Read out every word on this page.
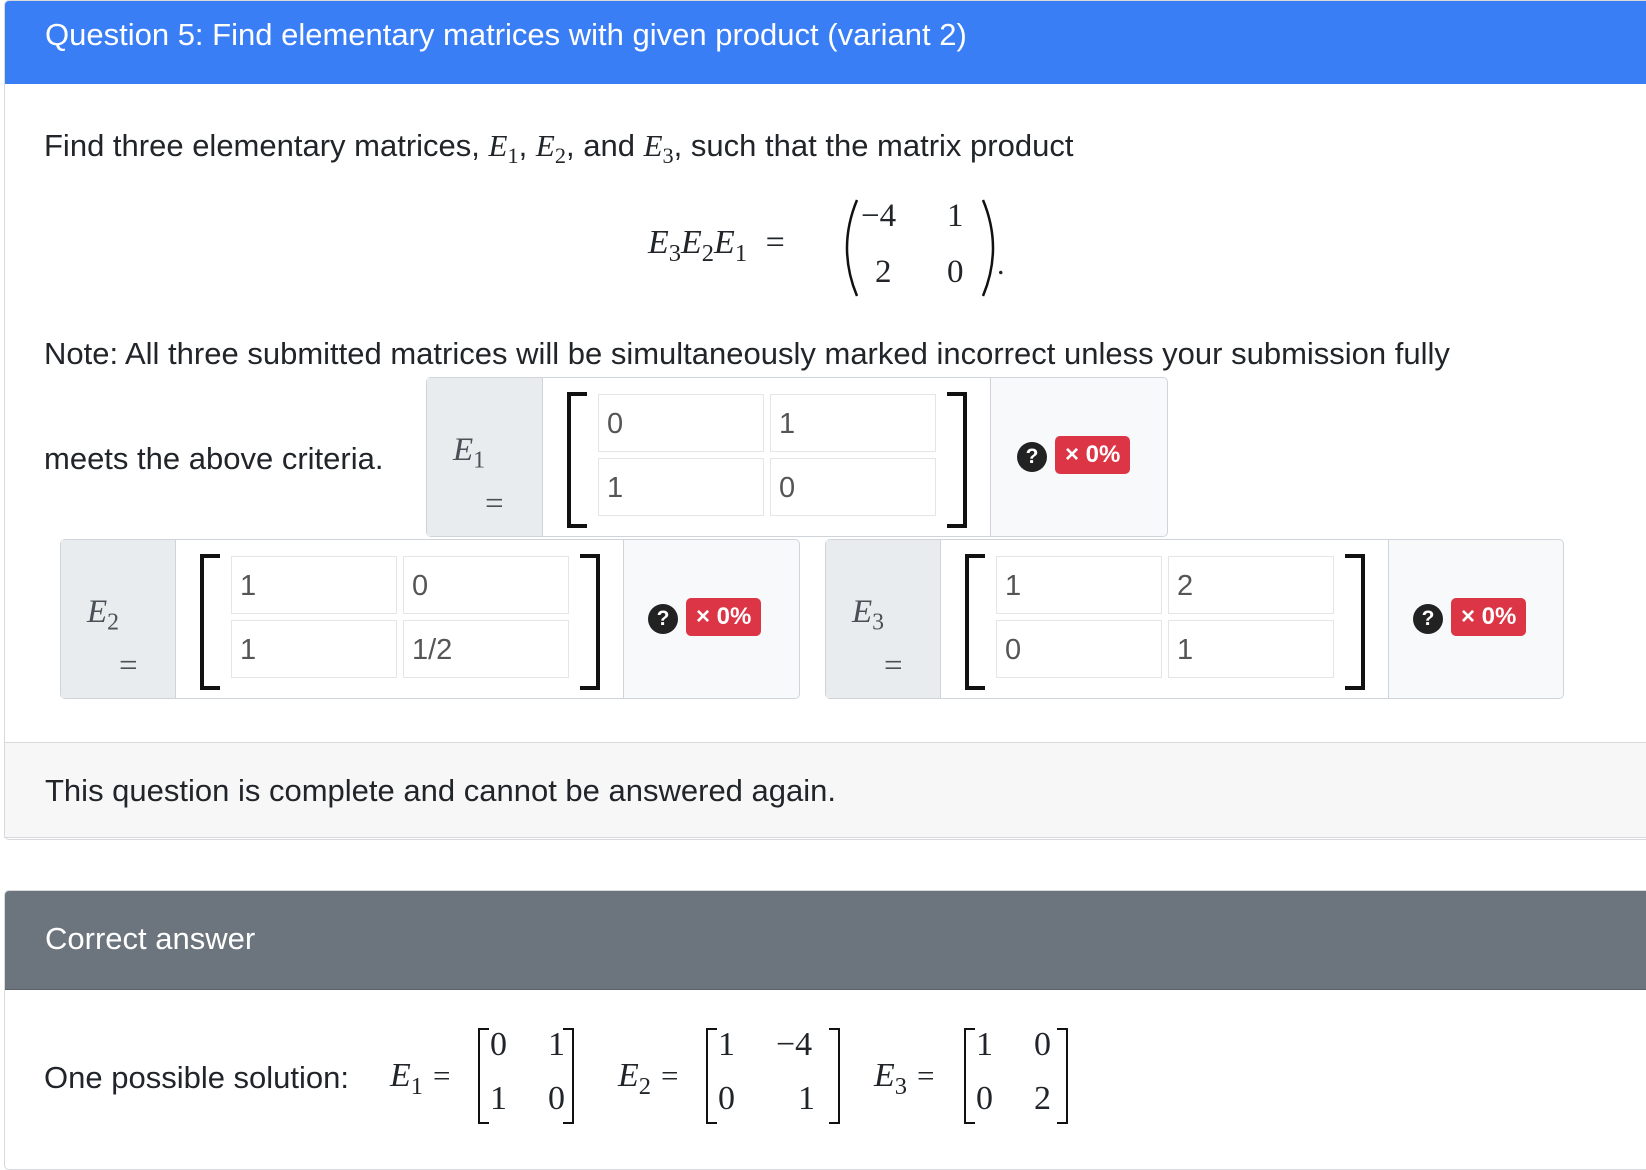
Question 5: Find elementary matrices with given product (variant 2)
Find three elementary matrices, $E_1$, $E_2$, and $E_3$, such that the matrix product
$E_3E_2E_1$ =
−4 1
2 0 .
Note: All three submitted matrices will be simultaneously marked incorrect unless your submission fully
meets the above criteria. $E_1$
=
0	1
1	0
?	× 0%
$E_2$
=
1	0
1	1/2
?	× 0%	$E_3$
=
1	2
0	1
?	× 0%
This question is complete and cannot be answered again.
Correct answer
One possible solution: $E_1$ =
0 1
1 0
$E_2$ =
1 −4
0 1
$E_3$ =
1 0
0 2
